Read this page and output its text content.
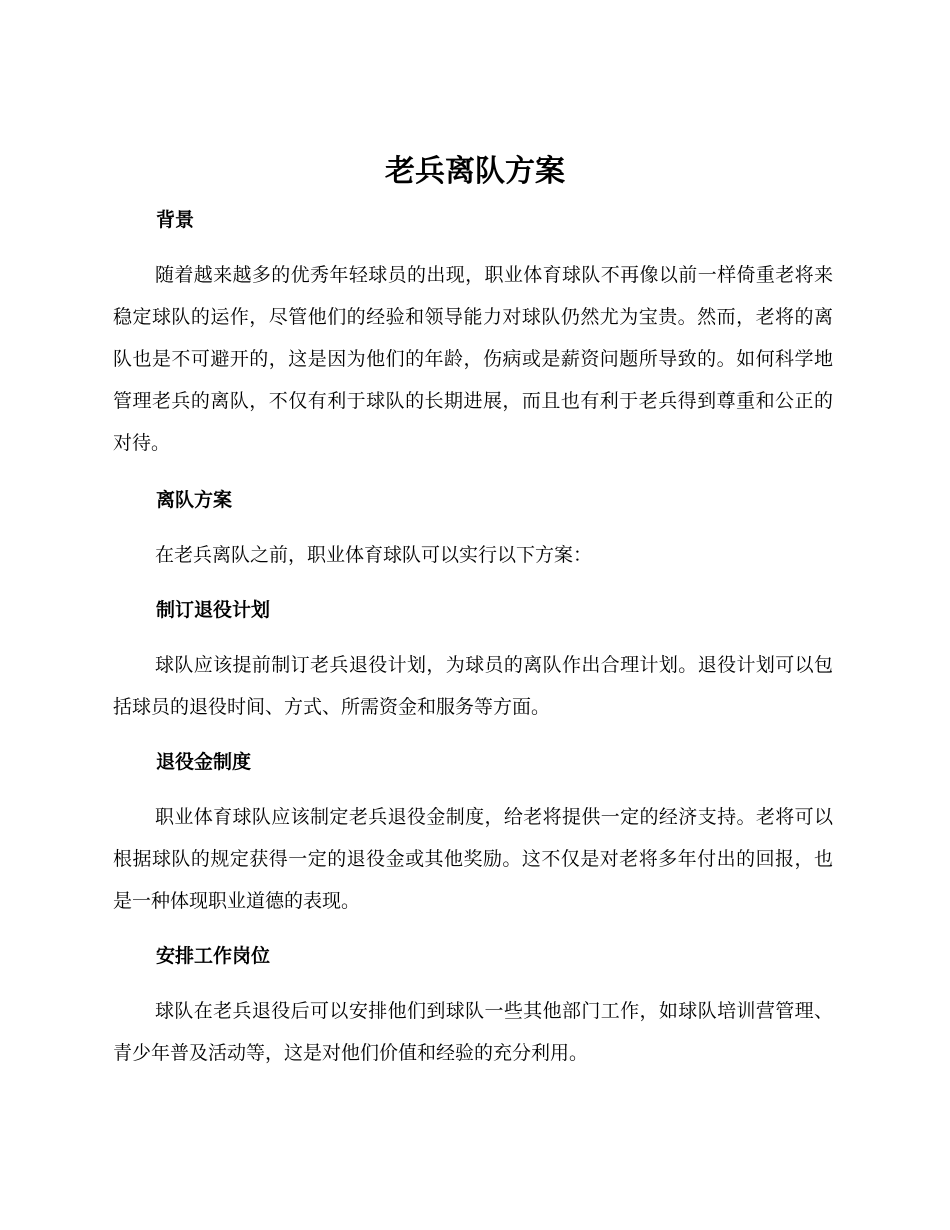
老兵离队方案
背景

随着越来越多的优秀年轻球员的出现，职业体育球队不再像以前一样倚重老将来稳定球队的运作，尽管他们的经验和领导能力对球队仍然尤为宝贵。然而，老将的离队也是不可避开的，这是因为他们的年龄，伤病或是薪资问题所导致的。如何科学地管理老兵的离队，不仅有利于球队的长期进展，而且也有利于老兵得到尊重和公正的对待。

离队方案

在老兵离队之前，职业体育球队可以实行以下方案：

制订退役计划

球队应该提前制订老兵退役计划，为球员的离队作出合理计划。退役计划可以包括球员的退役时间、方式、所需资金和服务等方面。

退役金制度

职业体育球队应该制定老兵退役金制度，给老将提供一定的经济支持。老将可以根据球队的规定获得一定的退役金或其他奖励。这不仅是对老将多年付出的回报，也是一种体现职业道德的表现。

安排工作岗位

球队在老兵退役后可以安排他们到球队一些其他部门工作，如球队培训营管理、青少年普及活动等，这是对他们价值和经验的充分利用。
